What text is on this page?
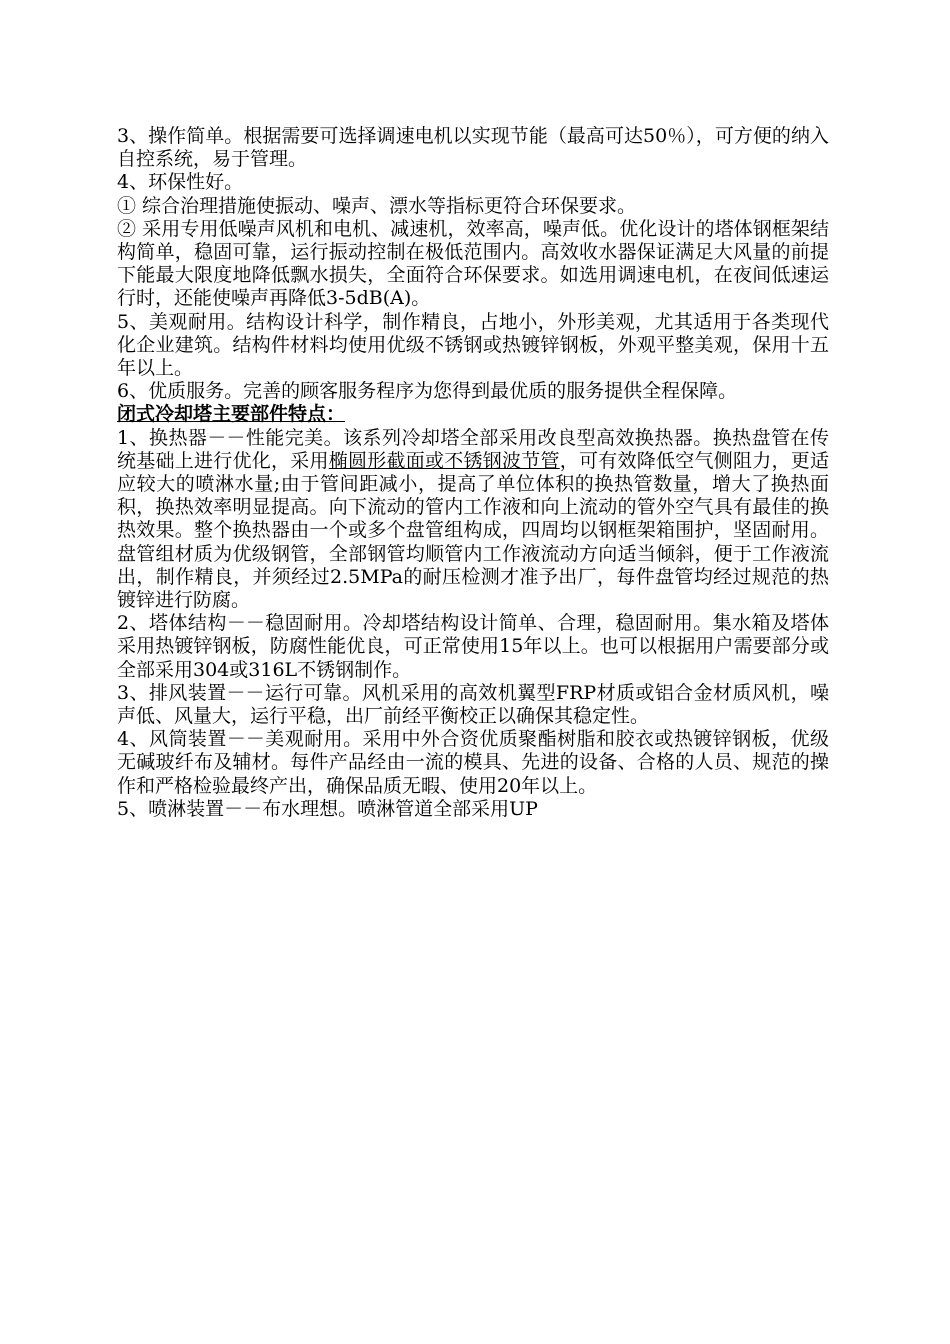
3、操作简单。根据需要可选择调速电机以实现节能（最高可达50％），可方便的纳入自控系统，易于管理。

4、环保性好。

① 综合治理措施使振动、噪声、漂水等指标更符合环保要求。

② 采用专用低噪声风机和电机、减速机，效率高，噪声低。优化设计的塔体钢框架结构简单，稳固可靠，运行振动控制在极低范围内。高效收水器保证满足大风量的前提下能最大限度地降低飘水损失，全面符合环保要求。如选用调速电机，在夜间低速运行时，还能使噪声再降低3-5dB(A)。

5、美观耐用。结构设计科学，制作精良，占地小，外形美观，尤其适用于各类现代化企业建筑。结构件材料均使用优级不锈钢或热镀锌钢板，外观平整美观，保用十五年以上。

6、优质服务。完善的顾客服务程序为您得到最优质的服务提供全程保障。

闭式冷却塔主要部件特点：

1、换热器－－性能完美。该系列冷却塔全部采用改良型高效换热器。换热盘管在传统基础上进行优化，采用椭圆形截面或不锈钢波节管，可有效降低空气侧阻力，更适应较大的喷淋水量;由于管间距减小，提高了单位体积的换热管数量，增大了换热面积，换热效率明显提高。向下流动的管内工作液和向上流动的管外空气具有最佳的换热效果。整个换热器由一个或多个盘管组构成，四周均以钢框架箱围护，坚固耐用。盘管组材质为优级钢管，全部钢管均顺管内工作液流动方向适当倾斜，便于工作液流出，制作精良，并须经过2.5MPa的耐压检测才准予出厂，每件盘管均经过规范的热镀锌进行防腐。

2、塔体结构－－稳固耐用。冷却塔结构设计简单、合理，稳固耐用。集水箱及塔体采用热镀锌钢板，防腐性能优良，可正常使用15年以上。也可以根据用户需要部分或全部采用304或316L不锈钢制作。

3、排风装置－－运行可靠。风机采用的高效机翼型FRP材质或铝合金材质风机，噪声低、风量大，运行平稳，出厂前经平衡校正以确保其稳定性。

4、风筒装置－－美观耐用。采用中外合资优质聚酯树脂和胶衣或热镀锌钢板，优级无碱玻纤布及辅材。每件产品经由一流的模具、先进的设备、合格的人员、规范的操作和严格检验最终产出，确保品质无暇、使用20年以上。

5、喷淋装置－－布水理想。喷淋管道全部采用UP
